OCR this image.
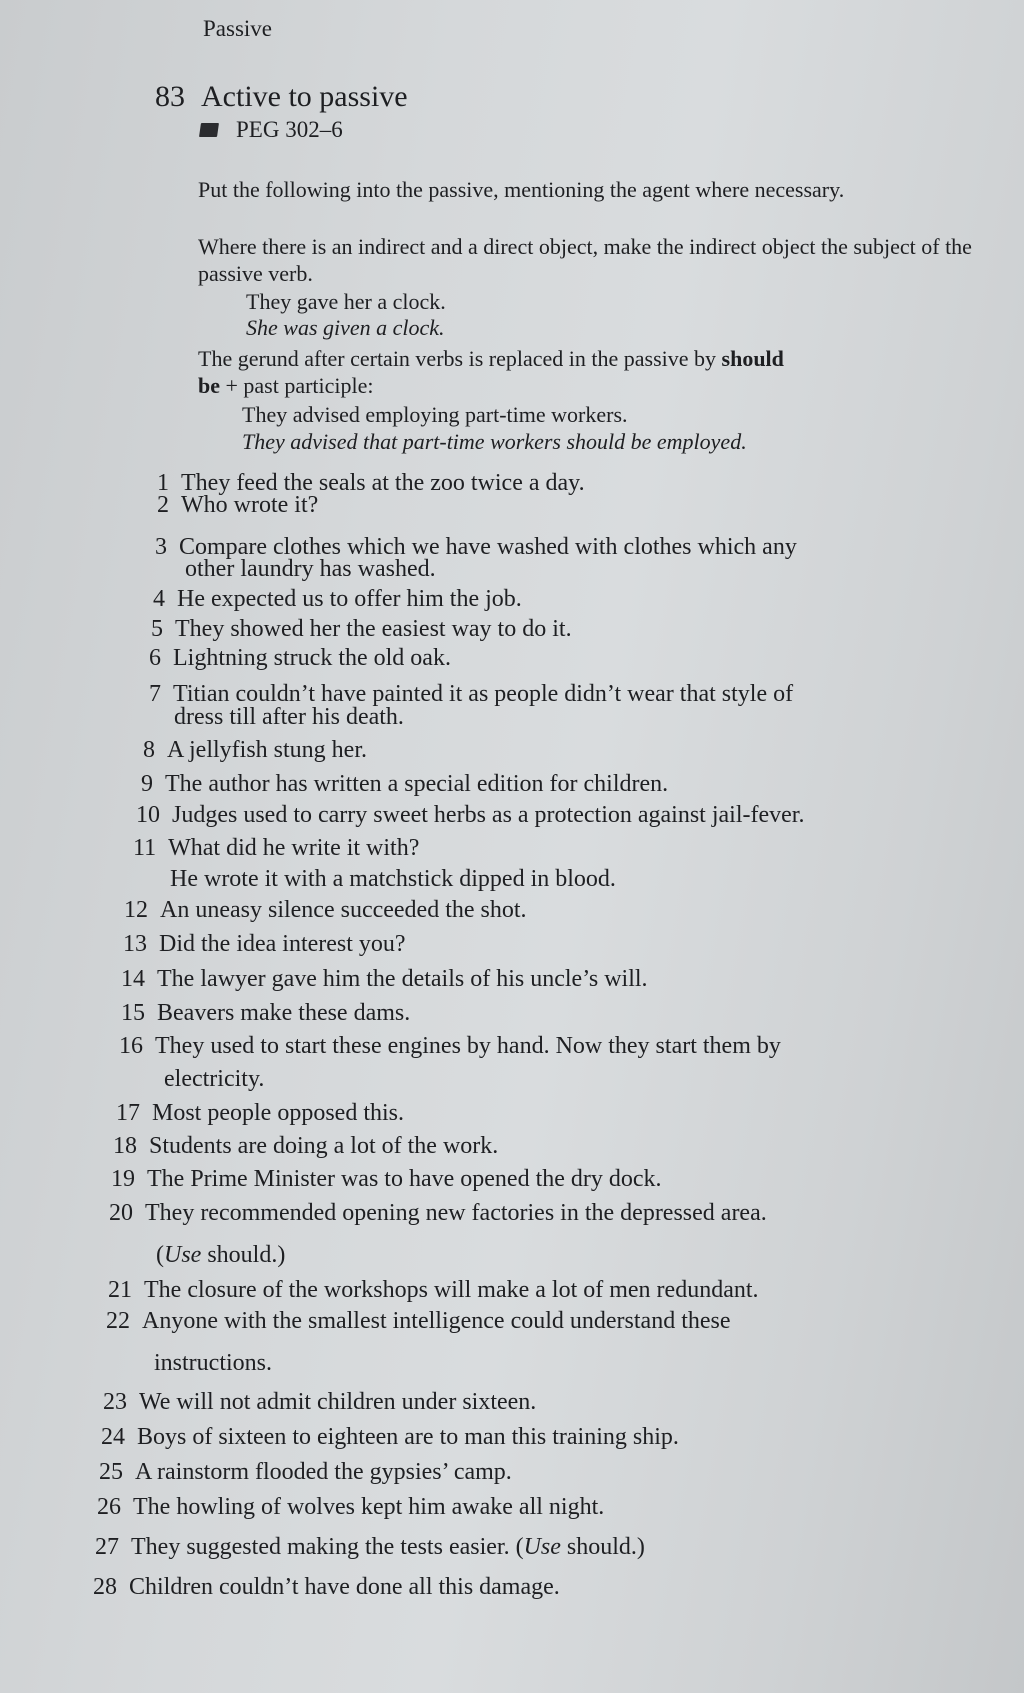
Passive
83 Active to passive
PEG 302–6
Put the following into the passive, mentioning the agent where necessary.
Where there is an indirect and a direct object, make the indirect object the subject of the passive verb.
They gave her a clock.
She was given a clock.
The gerund after certain verbs is replaced in the passive by should
be + past participle:
They advised employing part-time workers.
They advised that part-time workers should be employed.
1 They feed the seals at the zoo twice a day.
2 Who wrote it?
3 Compare clothes which we have washed with clothes which any
other laundry has washed.
4 He expected us to offer him the job.
5 They showed her the easiest way to do it.
6 Lightning struck the old oak.
7 Titian couldn’t have painted it as people didn’t wear that style of
dress till after his death.
8 A jellyfish stung her.
9 The author has written a special edition for children.
10 Judges used to carry sweet herbs as a protection against jail-fever.
11 What did he write it with?
He wrote it with a matchstick dipped in blood.
12 An uneasy silence succeeded the shot.
13 Did the idea interest you?
14 The lawyer gave him the details of his uncle’s will.
15 Beavers make these dams.
16 They used to start these engines by hand. Now they start them by
electricity.
17 Most people opposed this.
18 Students are doing a lot of the work.
19 The Prime Minister was to have opened the dry dock.
20 They recommended opening new factories in the depressed area.
(Use should.)
21 The closure of the workshops will make a lot of men redundant.
22 Anyone with the smallest intelligence could understand these
instructions.
23 We will not admit children under sixteen.
24 Boys of sixteen to eighteen are to man this training ship.
25 A rainstorm flooded the gypsies’ camp.
26 The howling of wolves kept him awake all night.
27 They suggested making the tests easier. (Use should.)
28 Children couldn’t have done all this damage.
